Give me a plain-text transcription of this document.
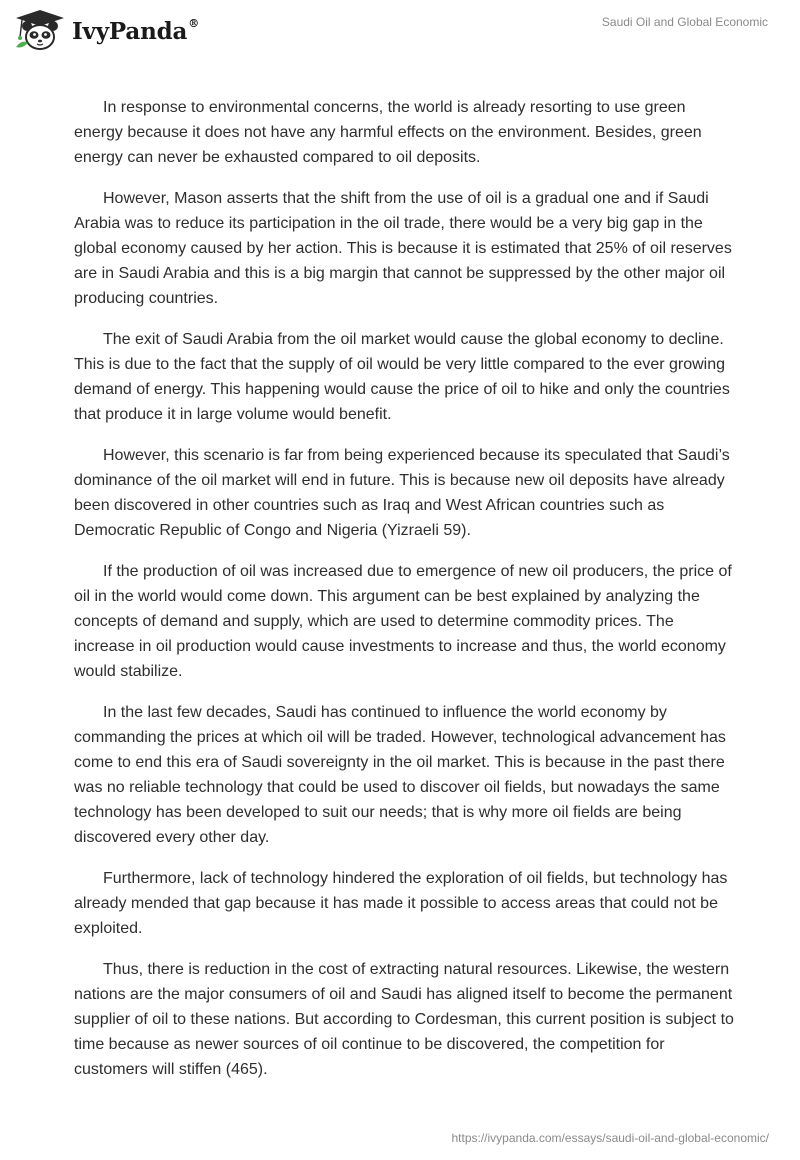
IvyPanda®	Saudi Oil and Global Economic

In response to environmental concerns, the world is already resorting to use green energy because it does not have any harmful effects on the environment. Besides, green energy can never be exhausted compared to oil deposits.

However, Mason asserts that the shift from the use of oil is a gradual one and if Saudi Arabia was to reduce its participation in the oil trade, there would be a very big gap in the global economy caused by her action. This is because it is estimated that 25% of oil reserves are in Saudi Arabia and this is a big margin that cannot be suppressed by the other major oil producing countries.

The exit of Saudi Arabia from the oil market would cause the global economy to decline. This is due to the fact that the supply of oil would be very little compared to the ever growing demand of energy. This happening would cause the price of oil to hike and only the countries that produce it in large volume would benefit.

However, this scenario is far from being experienced because its speculated that Saudi’s dominance of the oil market will end in future. This is because new oil deposits have already been discovered in other countries such as Iraq and West African countries such as Democratic Republic of Congo and Nigeria (Yizraeli 59).

If the production of oil was increased due to emergence of new oil producers, the price of oil in the world would come down. This argument can be best explained by analyzing the concepts of demand and supply, which are used to determine commodity prices. The increase in oil production would cause investments to increase and thus, the world economy would stabilize.

In the last few decades, Saudi has continued to influence the world economy by commanding the prices at which oil will be traded. However, technological advancement has come to end this era of Saudi sovereignty in the oil market. This is because in the past there was no reliable technology that could be used to discover oil fields, but nowadays the same technology has been developed to suit our needs; that is why more oil fields are being discovered every other day.

Furthermore, lack of technology hindered the exploration of oil fields, but technology has already mended that gap because it has made it possible to access areas that could not be exploited.

Thus, there is reduction in the cost of extracting natural resources. Likewise, the western nations are the major consumers of oil and Saudi has aligned itself to become the permanent supplier of oil to these nations. But according to Cordesman, this current position is subject to time because as newer sources of oil continue to be discovered, the competition for customers will stiffen (465).

https://ivypanda.com/essays/saudi-oil-and-global-economic/
